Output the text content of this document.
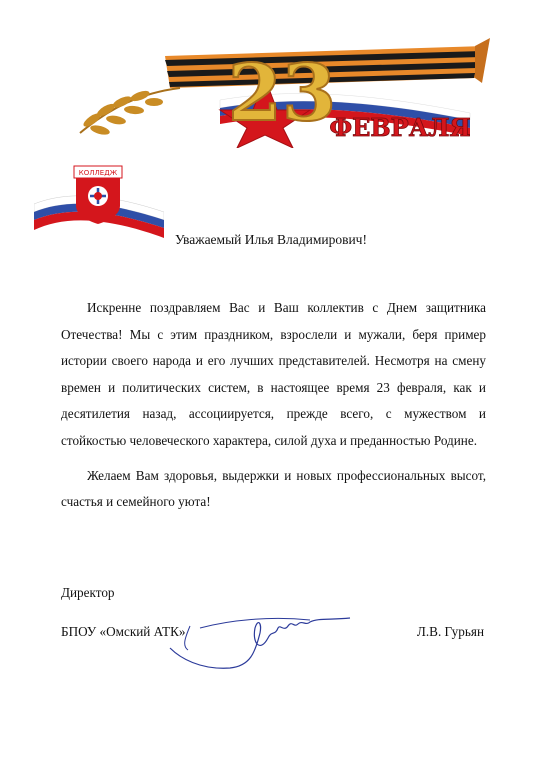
23
ФЕВРАЛЯ
КОЛЛЕДЖ
Уважаемый Илья Владимирович!

Искренне поздравляем Вас и Ваш коллектив с Днем защитника Отечества! Мы с этим праздником, взрослели и мужали, беря пример истории своего народа и его лучших представителей. Несмотря на смену времен и политических систем, в настоящее время 23 февраля, как и десятилетия назад, ассоциируется, прежде всего, с мужеством и стойкостью человеческого характера, силой духа и преданностью Родине.

Желаем Вам здоровья, выдержки и новых профессиональных высот, счастья и семейного уюта!

Директор
БПОУ «Омский АТК»	Л.В. Гурьян
